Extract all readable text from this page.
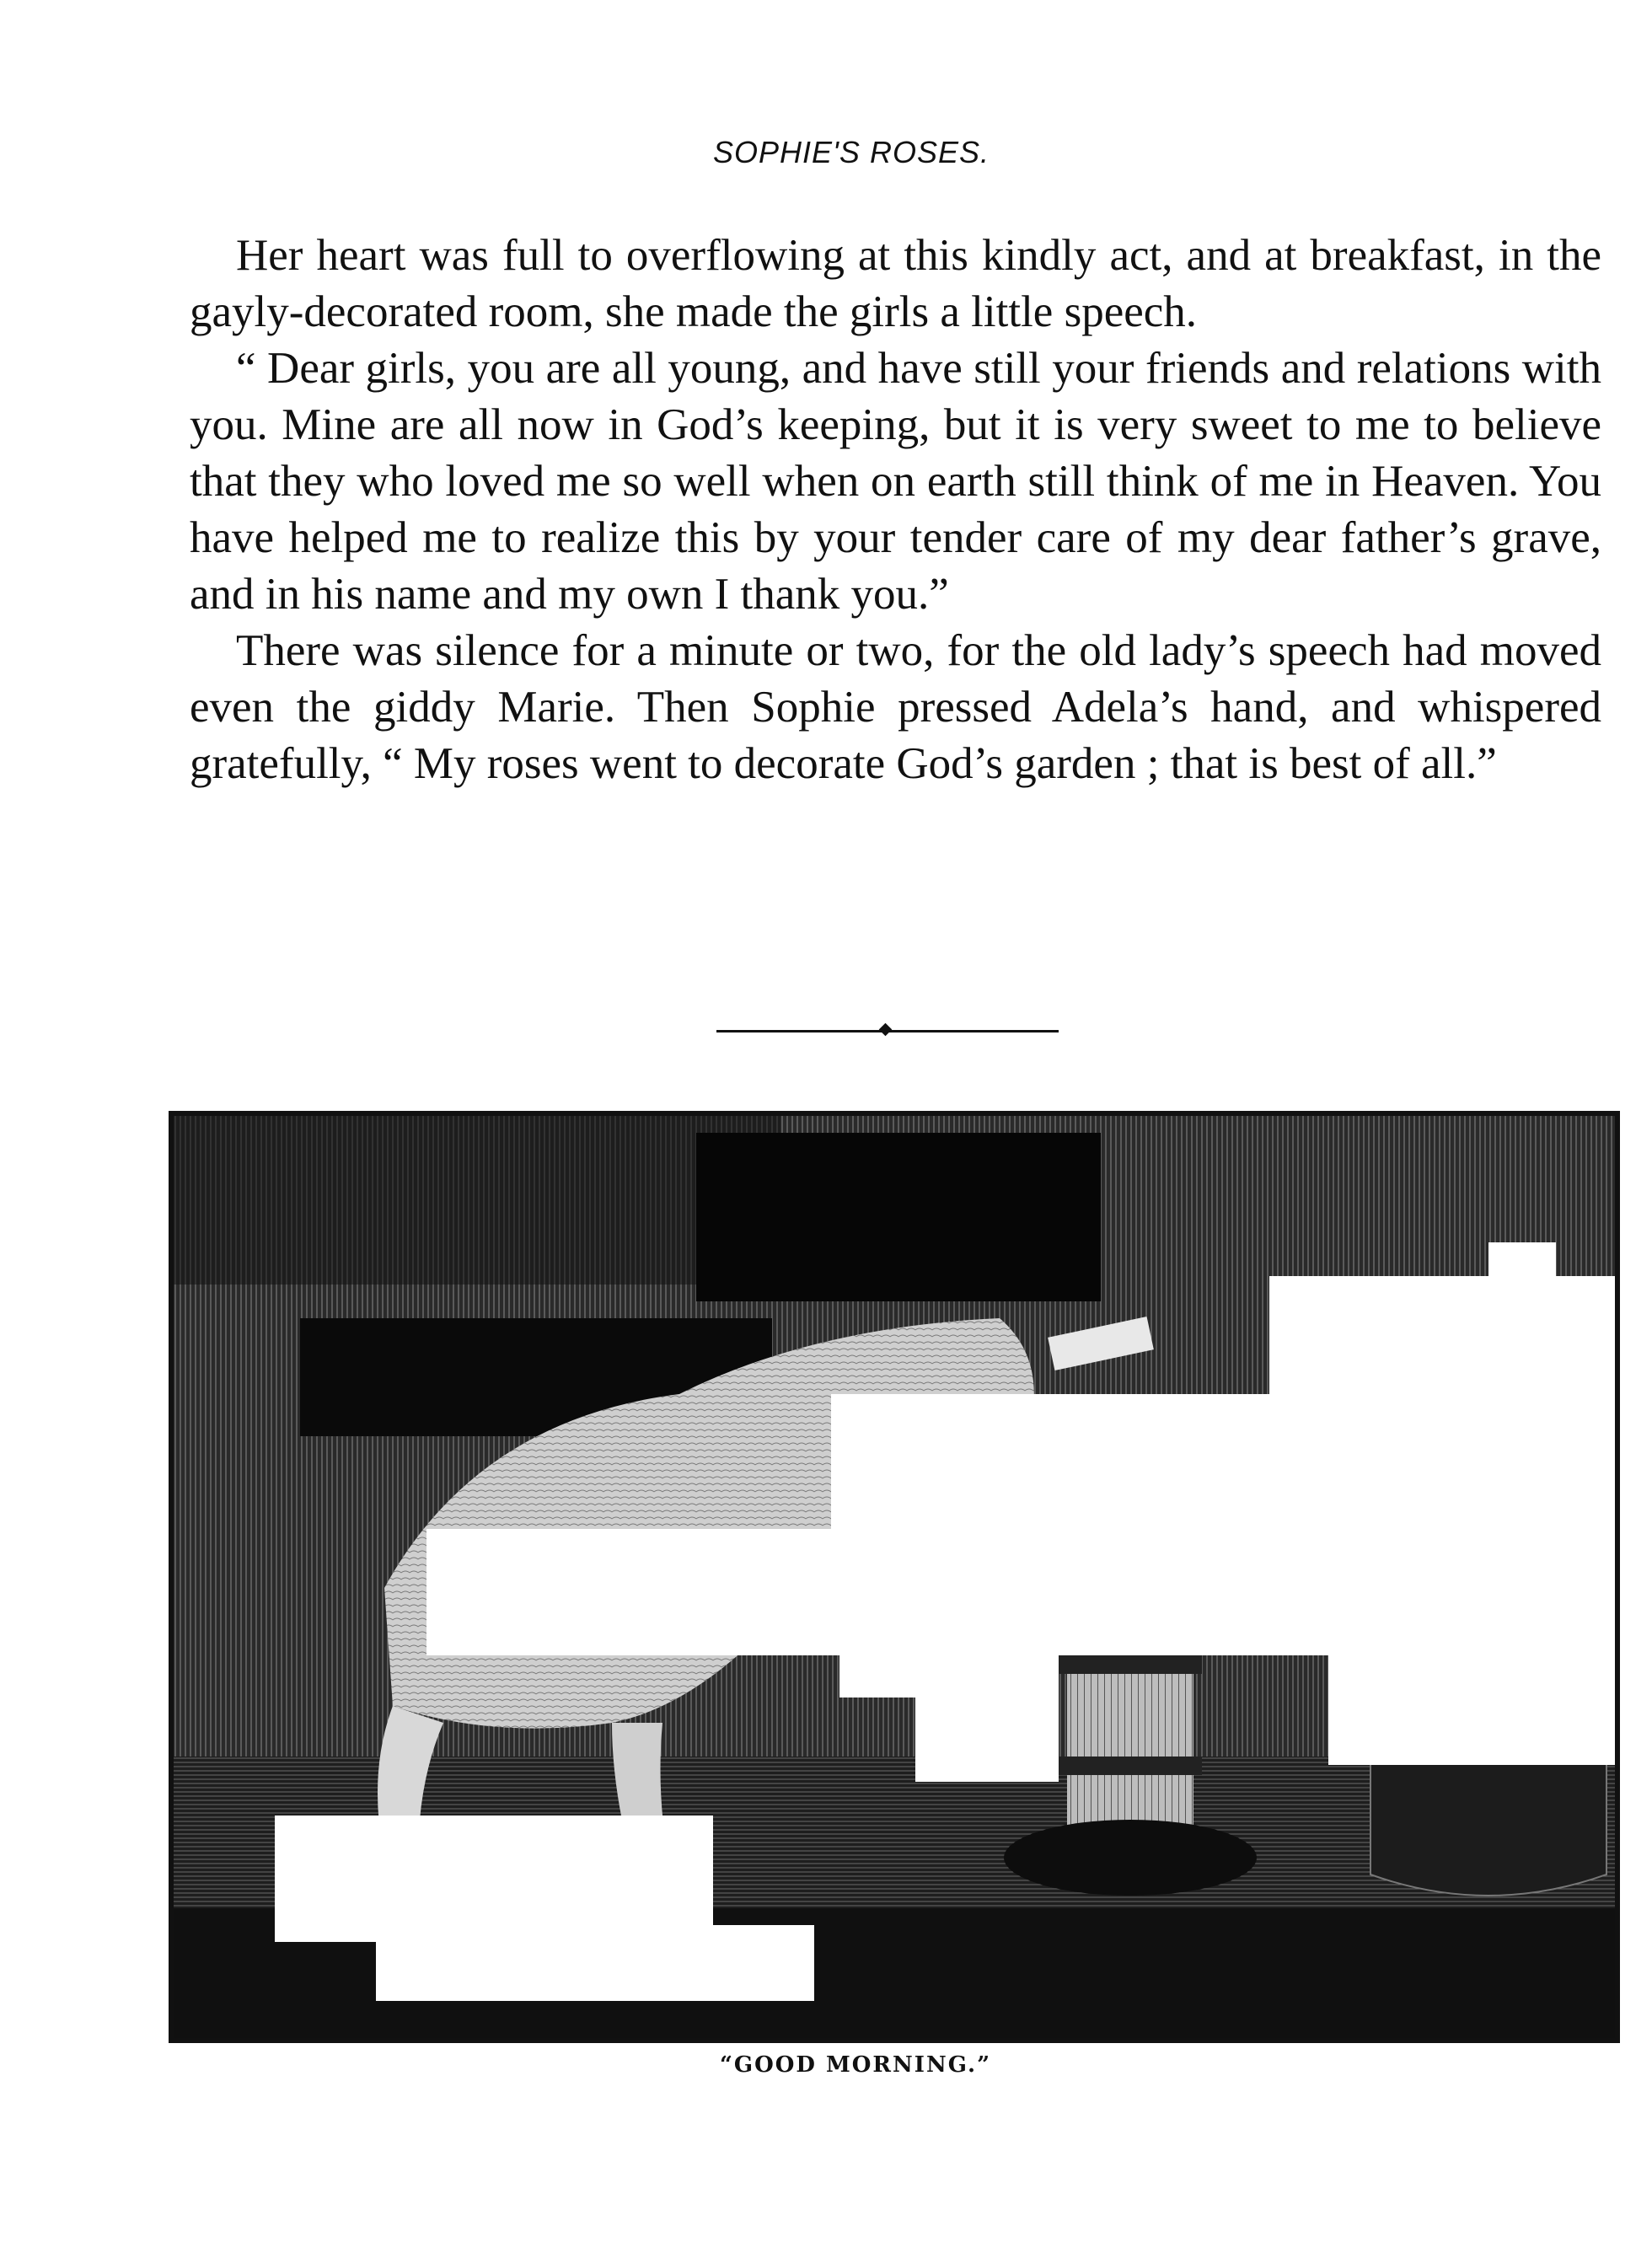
SOPHIE'S ROSES.

Her heart was full to overflowing at this kindly act, and at breakfast, in the gayly-decorated room, she made the girls a little speech.

“ Dear girls, you are all young, and have still your friends and relations with you. Mine are all now in God’s keeping, but it is very sweet to me to believe that they who loved me so well when on earth still think of me in Heaven. You have helped me to realize this by your tender care of my dear father’s grave, and in his name and my own I thank you.”

There was silence for a minute or two, for the old lady’s speech had moved even the giddy Marie. Then Sophie pressed Adela’s hand, and whispered gratefully, “ My roses went to decorate God’s garden ; that is best of all.”

“GOOD MORNING.”
